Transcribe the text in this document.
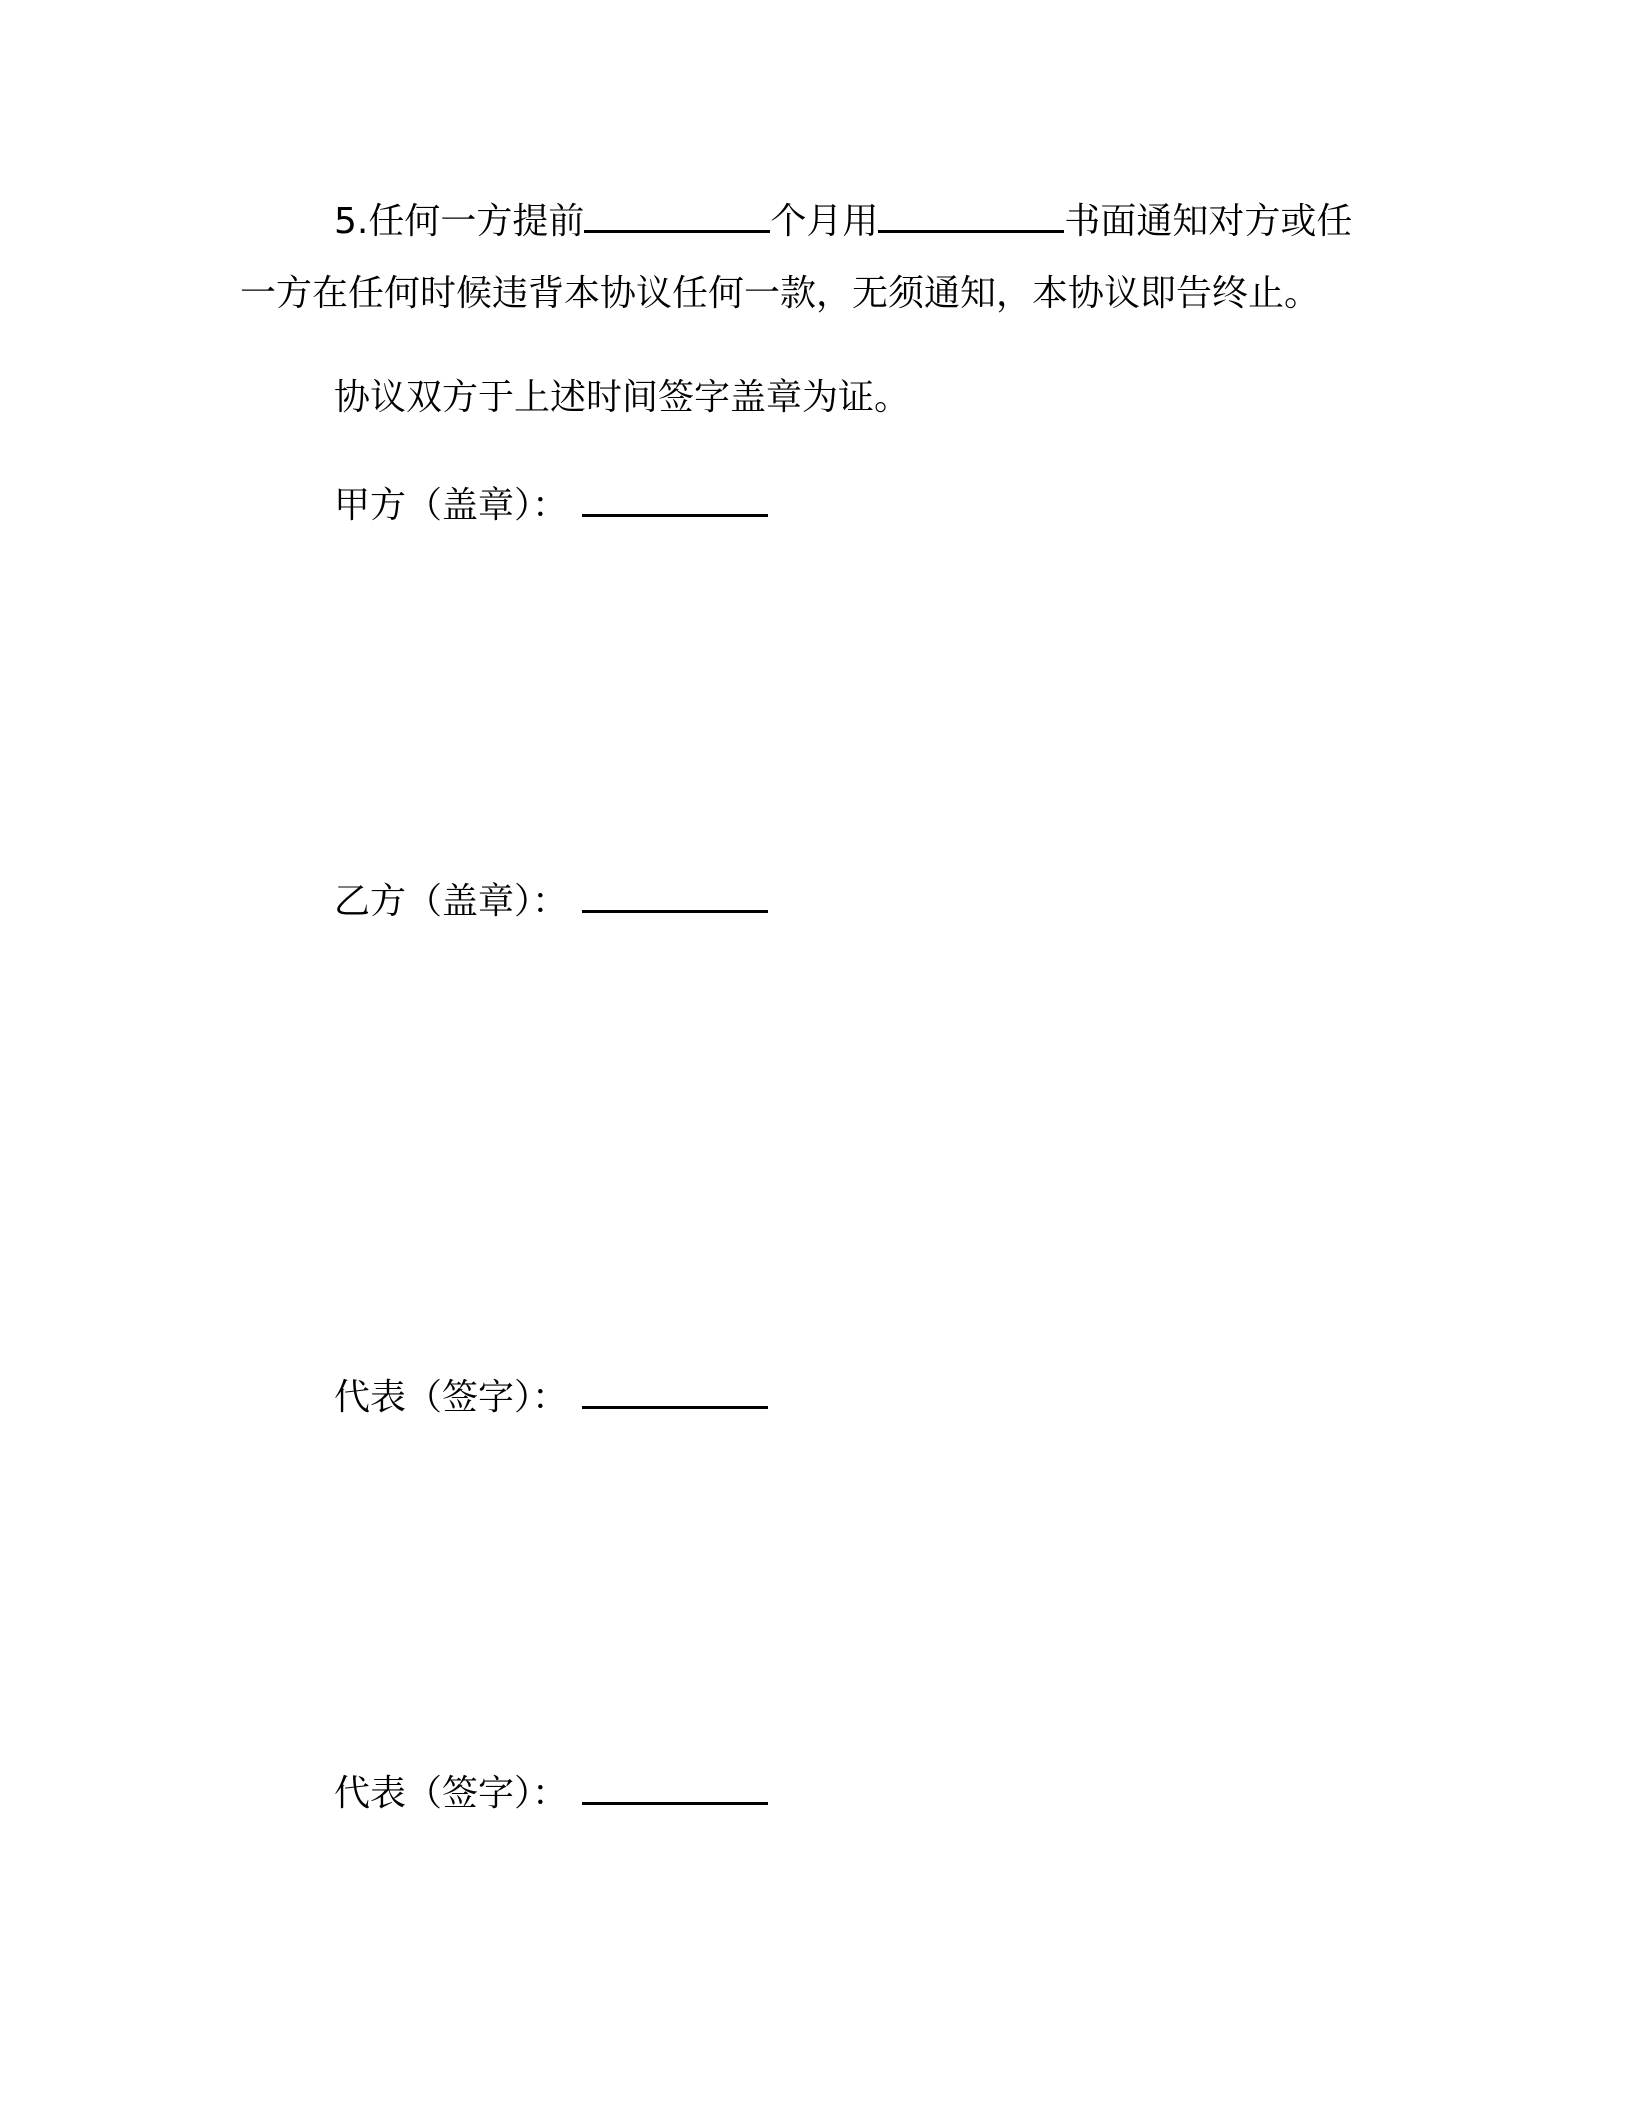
5.任何一方提前	个月用	书面通知对方或任
一方在任何时候违背本协议任何一款，无须通知，本协议即告终止。
协议双方于上述时间签字盖章为证。
甲方（盖章）：
乙方（盖章）：
代表（签字）：
代表（签字）：
